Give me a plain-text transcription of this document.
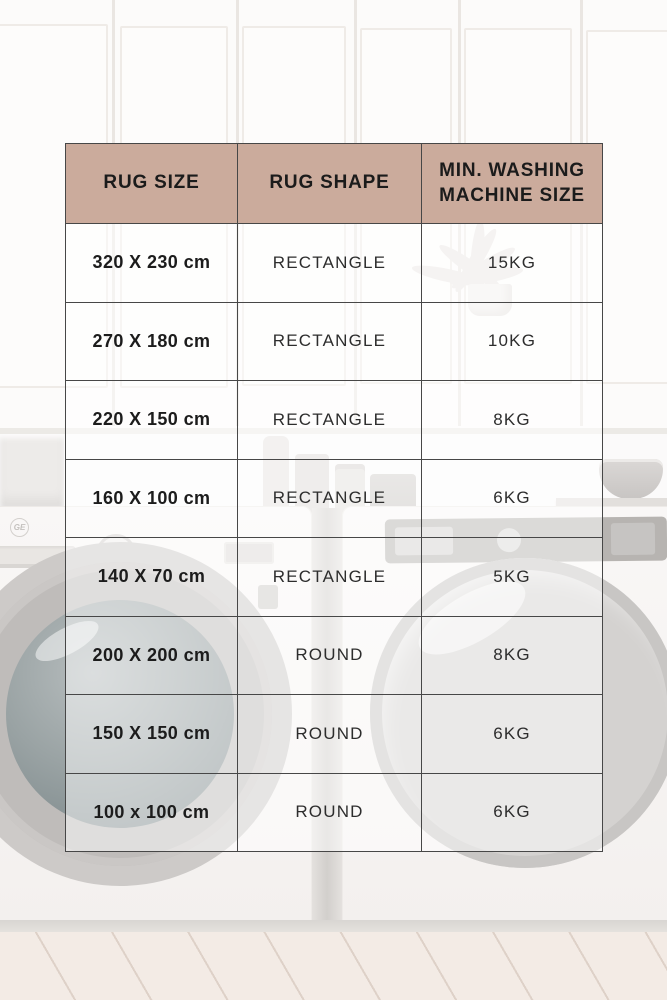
GE
RUG SIZE	RUG SHAPE	MIN. WASHING MACHINE SIZE
320 X 230 cm	RECTANGLE	15KG
270 X 180 cm	RECTANGLE	10KG
220 X 150 cm	RECTANGLE	8KG
160 X 100 cm	RECTANGLE	6KG
140 X 70 cm	RECTANGLE	5KG
200 X 200 cm	ROUND	8KG
150 X 150 cm	ROUND	6KG
100 x 100 cm	ROUND	6KG
